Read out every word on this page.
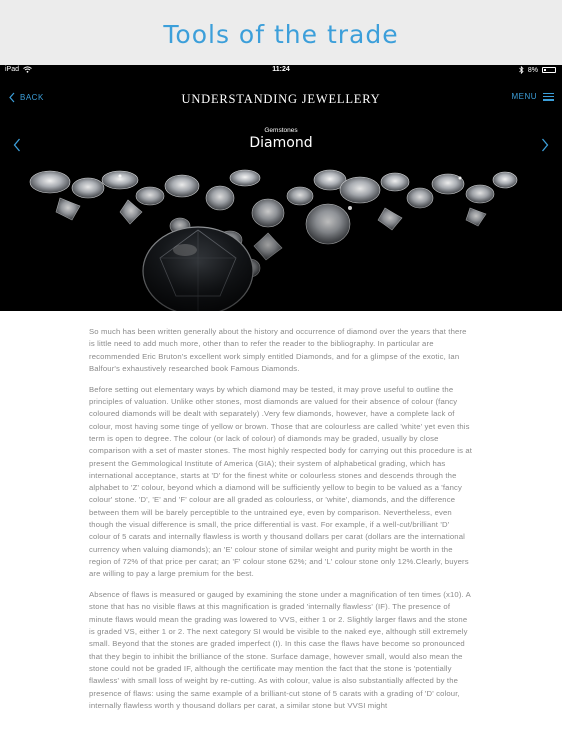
Tools of the trade
iPad	11:24	8%
BACK	UNDERSTANDING JEWELLERY	MENU
Gemstones
Diamond

So much has been written generally about the history and occurrence of diamond over the years that there is little need to add much more, other than to refer the reader to the bibliography. In particular are recommended Eric Bruton's excellent work simply entitled Diamonds, and for a glimpse of the exotic, Ian Balfour's exhaustively researched book Famous Diamonds.

Before setting out elementary ways by which diamond may be tested, it may prove useful to outline the principles of valuation. Unlike other stones, most diamonds are valued for their absence of colour (fancy coloured diamonds will be dealt with separately) .Very few diamonds, however, have a complete lack of colour, most having some tinge of yellow or brown. Those that are colourless are called 'white' yet even this term is open to degree. The colour (or lack of colour) of diamonds may be graded, usually by close comparison with a set of master stones. The most highly respected body for carrying out this procedure is at present the Gemmological Institute of America (GIA); their system of alphabetical grading, which has international acceptance, starts at 'D' for the finest white or colourless stones and descends through the alphabet to 'Z' colour, beyond which a diamond will be sufficiently yellow to begin to be valued as a 'fancy colour' stone. 'D', 'E' and 'F' colour are all graded as colourless, or 'white', diamonds, and the difference between them will be barely perceptible to the untrained eye, even by comparison. Nevertheless, even though the visual difference is small, the price differential is vast. For example, if a well-cut/brilliant 'D' colour of 5 carats and internally flawless is worth y thousand dollars per carat (dollars are the international currency when valuing diamonds); an 'E' colour stone of similar weight and purity might be worth in the region of 72% of that price per carat; an 'F' colour stone 62%; and 'L' colour stone only 12%.Clearly, buyers are willing to pay a large premium for the best.

Absence of flaws is measured or gauged by examining the stone under a magnification of ten times (x10). A stone that has no visible flaws at this magnification is graded 'internally flawless' (IF). The presence of minute flaws would mean the grading was lowered to VVS, either 1 or 2. Slightly larger flaws and the stone is graded VS, either 1 or 2. The next category SI would be visible to the naked eye, although still extremely small. Beyond that the stones are graded imperfect (I). In this case the flaws have become so pronounced that they begin to inhibit the brilliance of the stone. Surface damage, however small, would also mean the stone could not be graded IF, although the certificate may mention the fact that the stone is 'potentially flawless' with small loss of weight by re-cutting. As with colour, value is also substantially affected by the presence of flaws: using the same example of a brilliant-cut stone of 5 carats with a grading of 'D' colour, internally flawless worth y thousand dollars per carat, a similar stone but VVSI might
